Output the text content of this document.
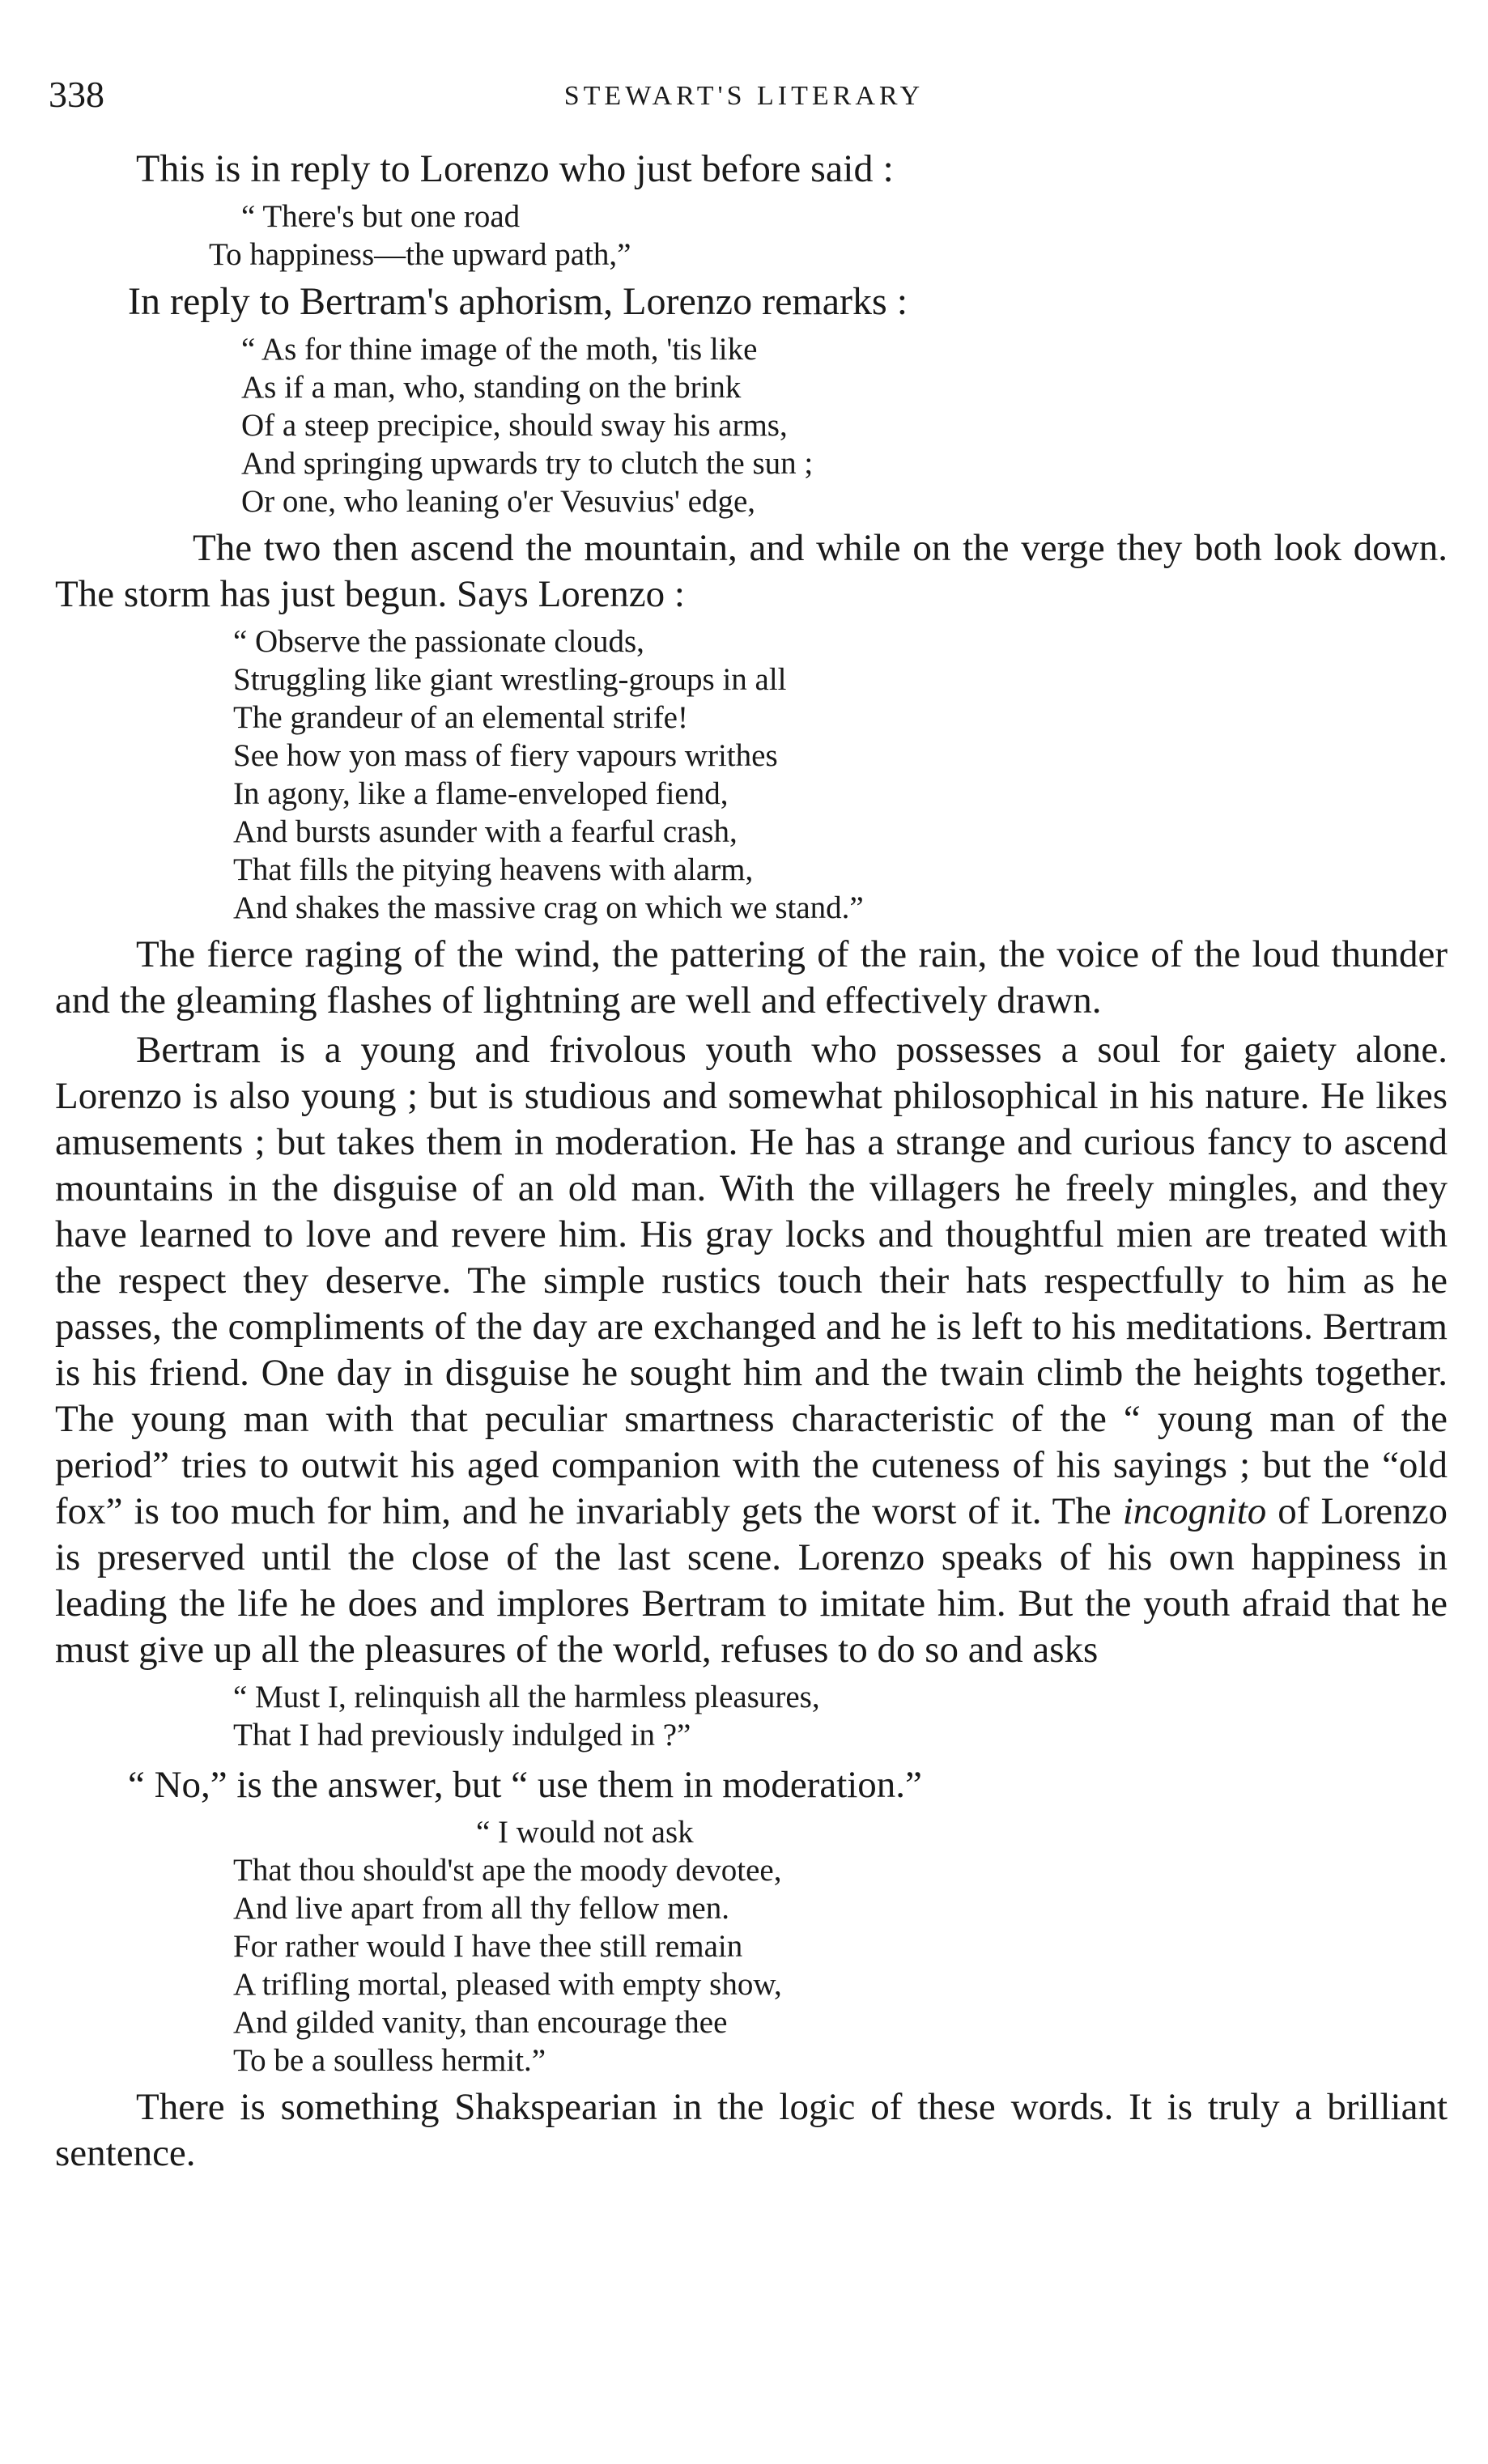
338	STEWART'S LITERARY

This is in reply to Lorenzo who just before said :

“ There's but one road
To happiness—the upward path,”

In reply to Bertram's aphorism, Lorenzo remarks :

“ As for thine image of the moth, 'tis like
As if a man, who, standing on the brink
Of a steep precipice, should sway his arms,
And springing upwards try to clutch the sun ;
Or one, who leaning o'er Vesuvius' edge,

The two then ascend the mountain, and while on the verge they both look down. The storm has just begun. Says Lorenzo :

“ Observe the passionate clouds,
Struggling like giant wrestling-groups in all
The grandeur of an elemental strife!
See how yon mass of fiery vapours writhes
In agony, like a flame-enveloped fiend,
And bursts asunder with a fearful crash,
That fills the pitying heavens with alarm,
And shakes the massive crag on which we stand.”

The fierce raging of the wind, the pattering of the rain, the voice of the loud thunder and the gleaming flashes of lightning are well and effectively drawn.

Bertram is a young and frivolous youth who possesses a soul for gaiety alone. Lorenzo is also young ; but is studious and somewhat philosophical in his nature. He likes amusements ; but takes them in moderation. He has a strange and curious fancy to ascend mountains in the disguise of an old man. With the villagers he freely mingles, and they have learned to love and revere him. His gray locks and thoughtful mien are treated with the respect they deserve. The simple rustics touch their hats respectfully to him as he passes, the compliments of the day are exchanged and he is left to his meditations. Bertram is his friend. One day in disguise he sought him and the twain climb the heights together. The young man with that peculiar smartness characteristic of the “ young man of the period” tries to outwit his aged companion with the cuteness of his sayings ; but the “old fox” is too much for him, and he invariably gets the worst of it. The incognito of Lorenzo is preserved until the close of the last scene. Lorenzo speaks of his own happiness in leading the life he does and implores Bertram to imitate him. But the youth afraid that he must give up all the pleasures of the world, refuses to do so and asks

“ Must I, relinquish all the harmless pleasures,
That I had previously indulged in ?”

“ No,” is the answer, but “ use them in moderation.”

“ I would not ask
That thou should'st ape the moody devotee,
And live apart from all thy fellow men.
For rather would I have thee still remain
A trifling mortal, pleased with empty show,
And gilded vanity, than encourage thee
To be a soulless hermit.”

There is something Shakspearian in the logic of these words. It is truly a brilliant sentence.
